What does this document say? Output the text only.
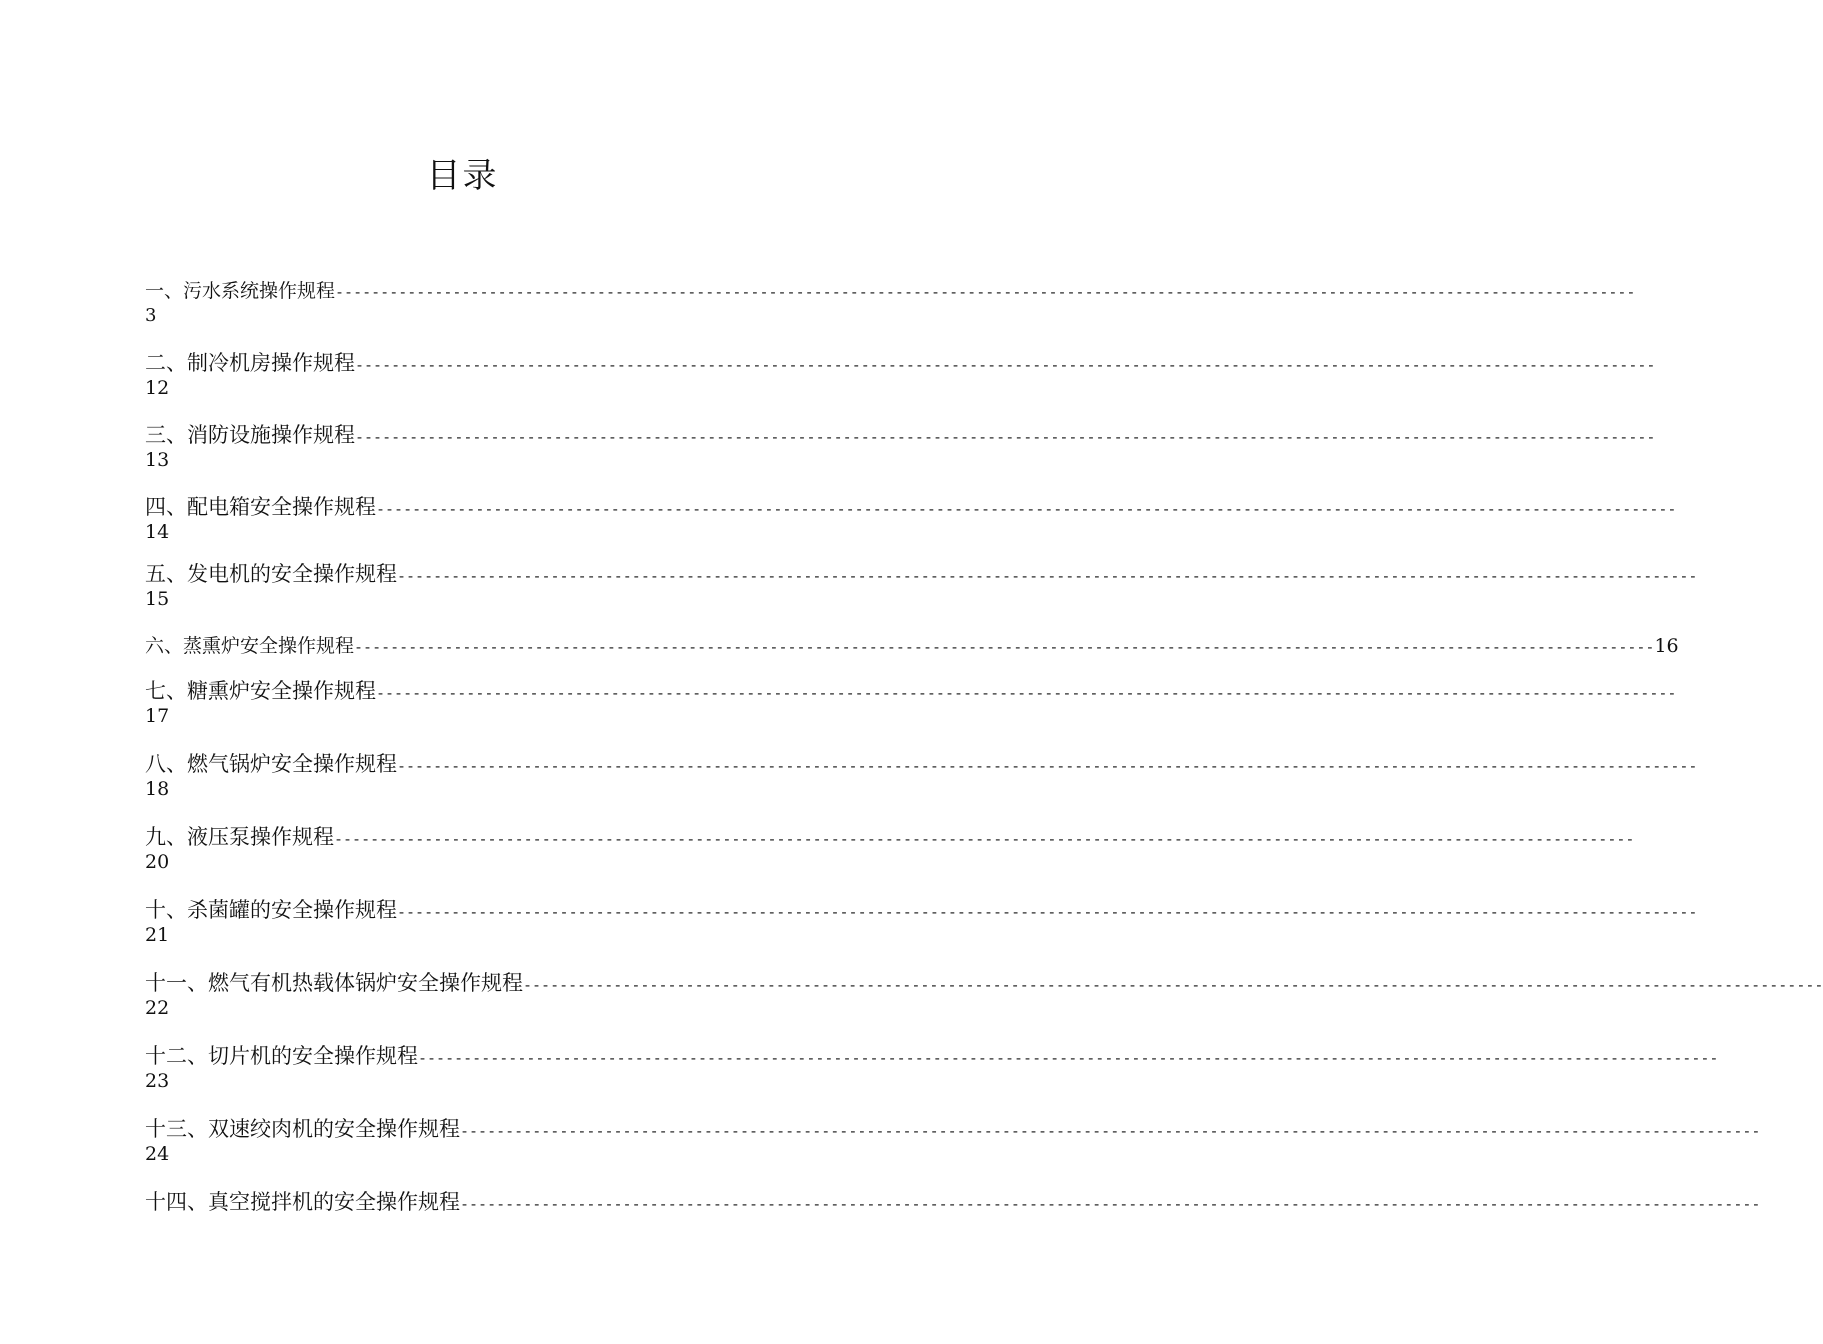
目录
一、污水系统操作规程 ------------------------------------------------------------------------------------------------------------------------------------------------
3
二、制冷机房操作规程 ------------------------------------------------------------------------------------------------------------------------------------------------
12
三、消防设施操作规程 ------------------------------------------------------------------------------------------------------------------------------------------------
13
四、配电箱安全操作规程 ------------------------------------------------------------------------------------------------------------------------------------------------
14
五、发电机的安全操作规程 ------------------------------------------------------------------------------------------------------------------------------------------------
15
六、蒸熏炉安全操作规程 ------------------------------------------------------------------------------------------------------------------------------------------------ 16
七、糖熏炉安全操作规程 ------------------------------------------------------------------------------------------------------------------------------------------------
17
八、燃气锅炉安全操作规程 ------------------------------------------------------------------------------------------------------------------------------------------------
18
九、液压泵操作规程 ------------------------------------------------------------------------------------------------------------------------------------------------
20
十、杀菌罐的安全操作规程 ------------------------------------------------------------------------------------------------------------------------------------------------
21
十一、燃气有机热载体锅炉安全操作规程 ------------------------------------------------------------------------------------------------------------------------------------------------
22
十二、切片机的安全操作规程 ------------------------------------------------------------------------------------------------------------------------------------------------
23
十三、双速绞肉机的安全操作规程 ------------------------------------------------------------------------------------------------------------------------------------------------
24
十四、真空搅拌机的安全操作规程 ------------------------------------------------------------------------------------------------------------------------------------------------
